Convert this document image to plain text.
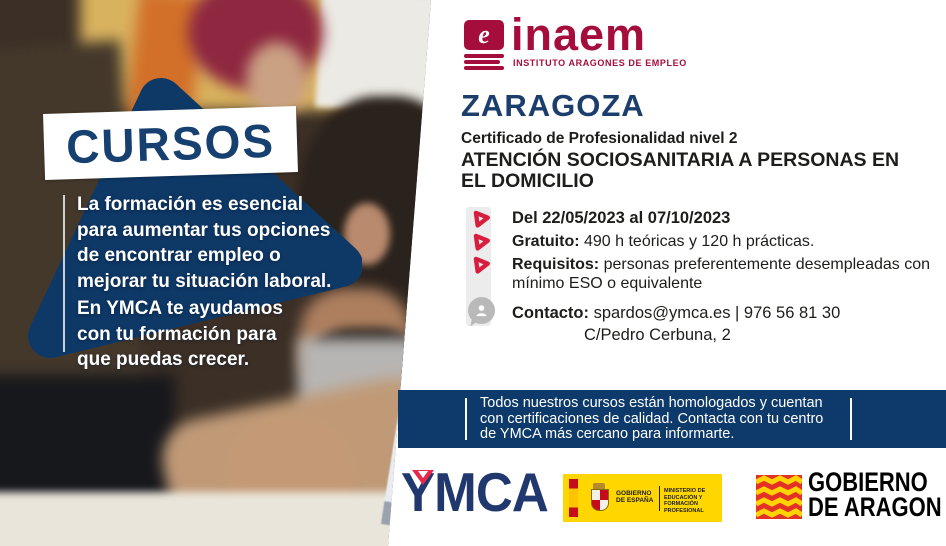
CURSOS
La formación es esencial
para aumentar tus opciones
de encontrar empleo o
mejorar tu situación laboral.
En YMCA te ayudamos
con tu formación para
que puedas crecer.
e inaem
INSTITUTO ARAGONES DE EMPLEO
ZARAGOZA
Certificado de Profesionalidad nivel 2
ATENCIÓN SOCIOSANITARIA A PERSONAS EN EL DOMICILIO
Del 22/05/2023 al 07/10/2023
Gratuito: 490 h teóricas y 120 h prácticas.
Requisitos: personas preferentemente desempleadas con mínimo ESO o equivalente
Contacto: spardos@ymca.es | 976 56 81 30
C/Pedro Cerbuna, 2
Todos nuestros cursos están homologados y cuentan
con certificaciones de calidad. Contacta con tu centro
de YMCA más cercano para informarte.
YMCA	GOBIERNO
DE ESPAÑA
MINISTERIO DE EDUCACIÓN Y FORMACIÓN PROFESIONAL
GOBIERNO
DE ARAGON
